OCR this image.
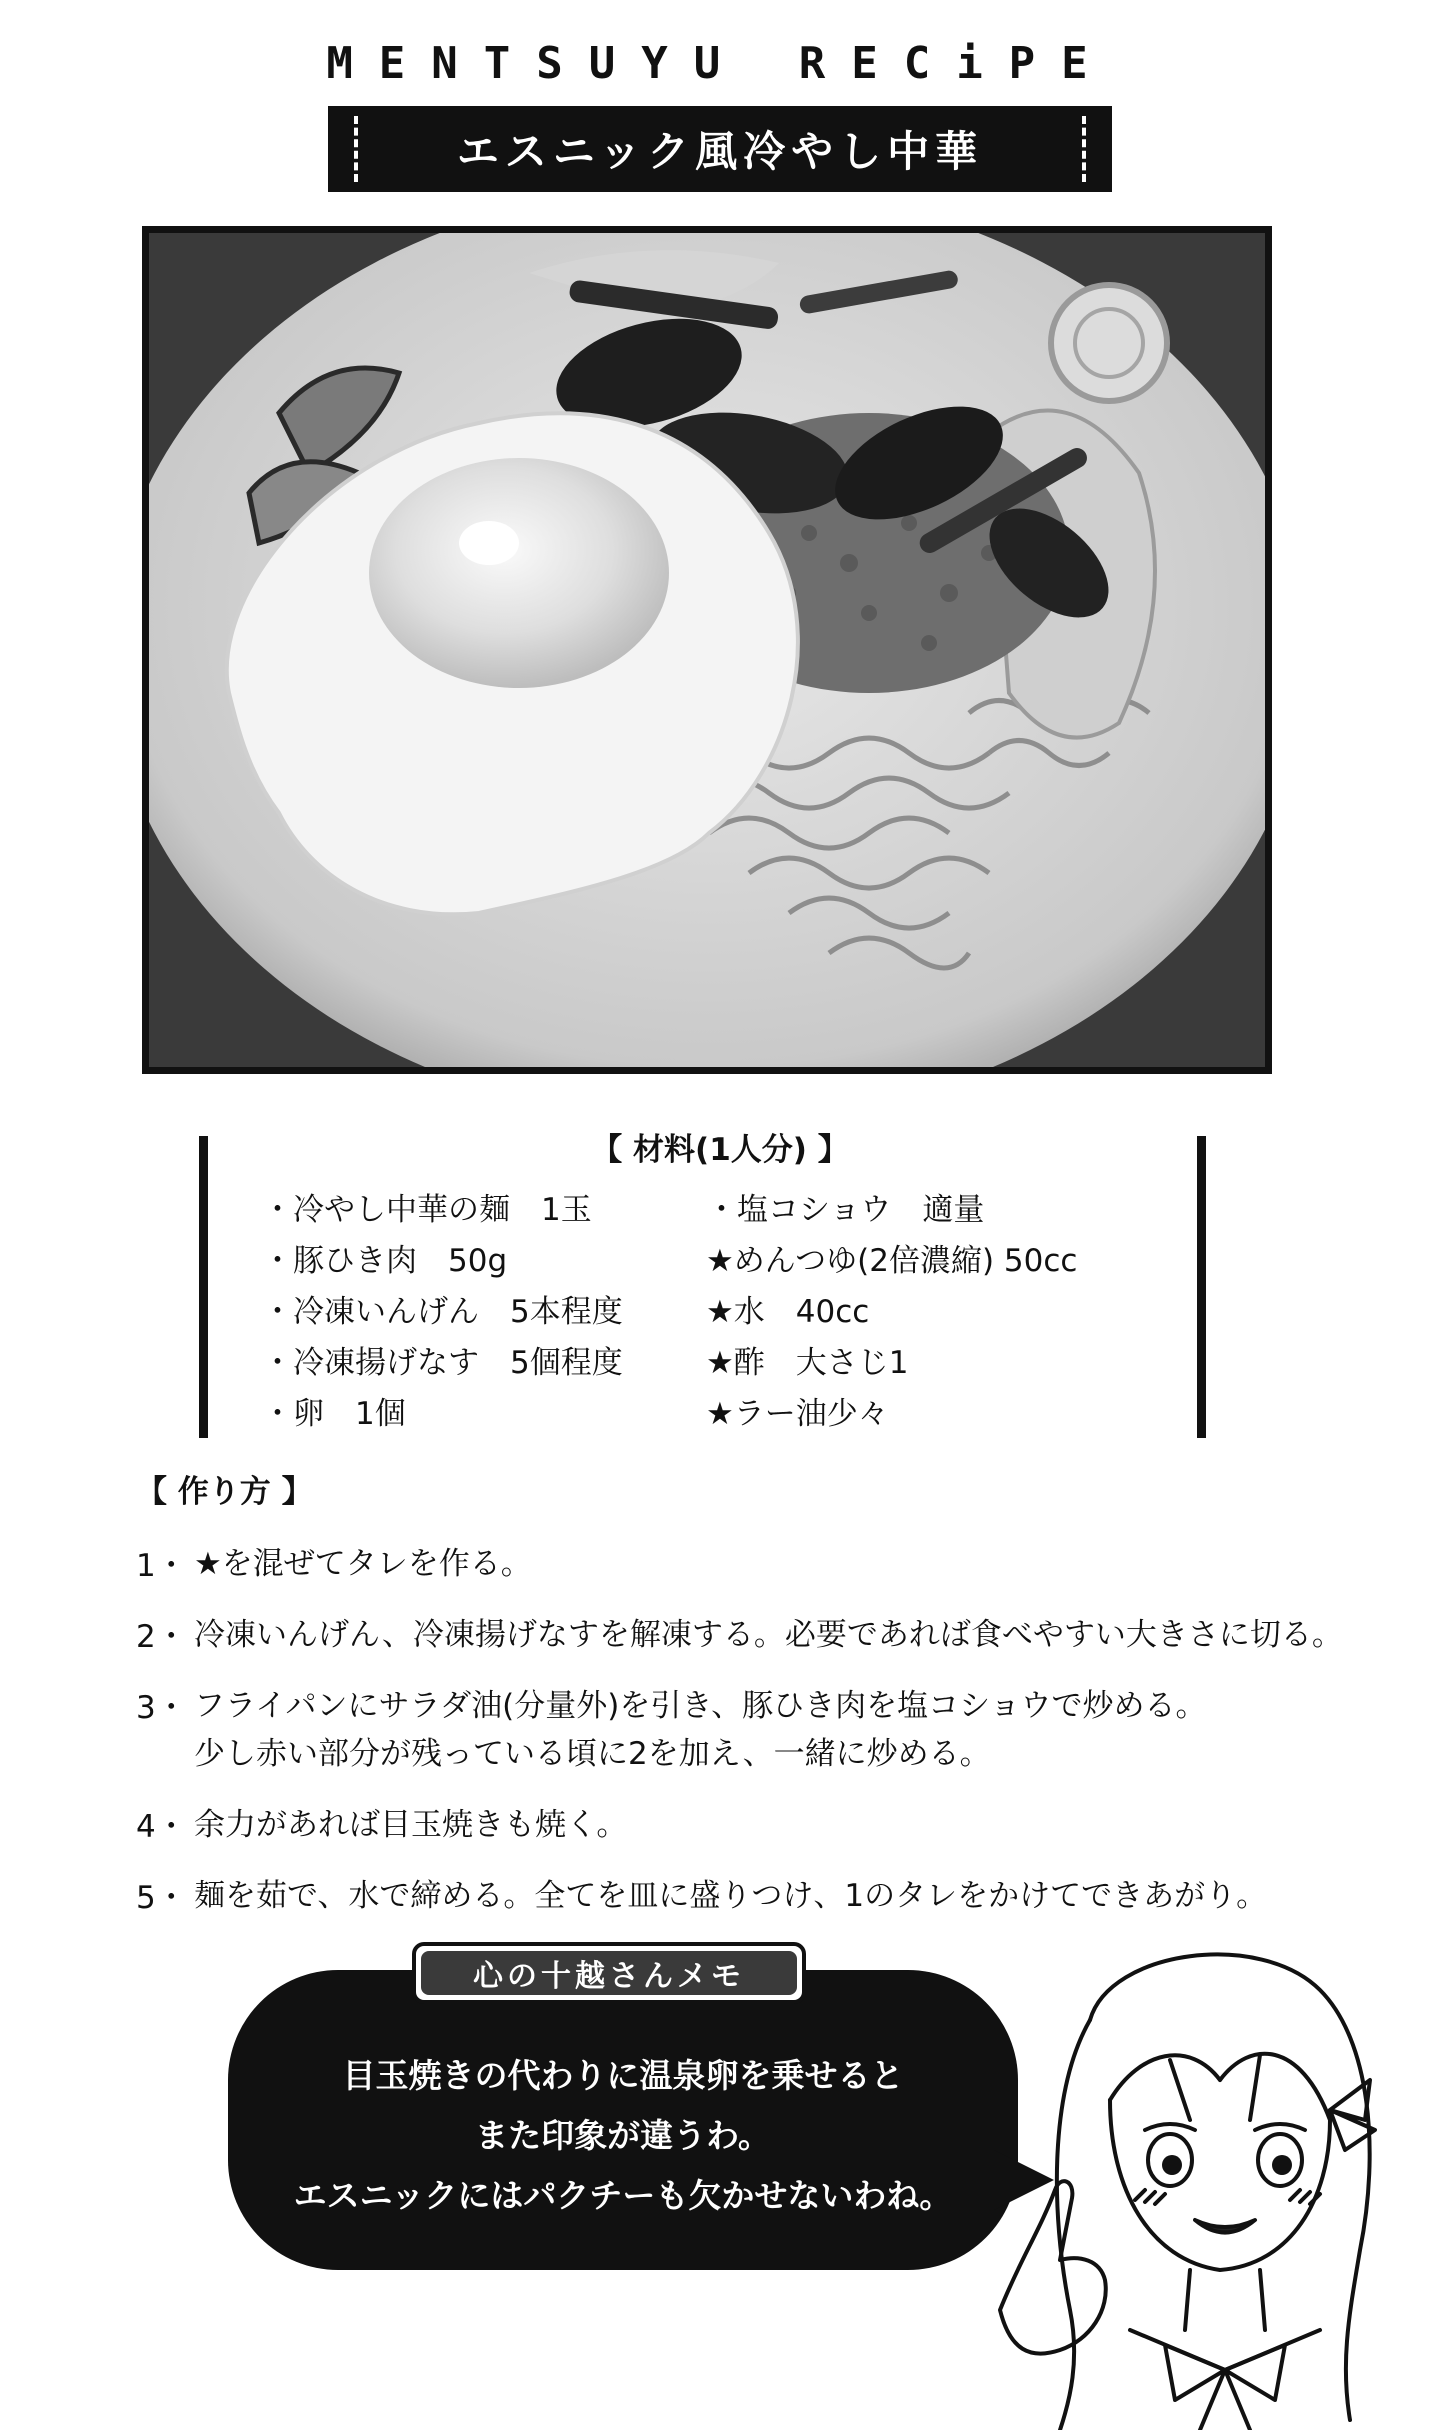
MENTSUYU RECiPE
エスニック風冷やし中華
【 材料(1人分) 】
・冷やし中華の麺　1玉
・豚ひき肉　50g
・冷凍いんげん　5本程度
・冷凍揚げなす　5個程度
・卵　1個
・塩コショウ　適量
★めんつゆ(2倍濃縮) 50cc
★水　40cc
★酢　大さじ1
★ラー油少々
【 作り方 】
1・ ★を混ぜてタレを作る。
2・ 冷凍いんげん、冷凍揚げなすを解凍する。必要であれば食べやすい大きさに切る。
3・ フライパンにサラダ油(分量外)を引き、豚ひき肉を塩コショウで炒める。
少し赤い部分が残っている頃に2を加え、一緒に炒める。
4・ 余力があれば目玉焼きも焼く。
5・ 麺を茹で、水で締める。全てを皿に盛りつけ、1のタレをかけてできあがり。
心の十越さんメモ
目玉焼きの代わりに温泉卵を乗せると
また印象が違うわ。
エスニックにはパクチーも欠かせないわね。
